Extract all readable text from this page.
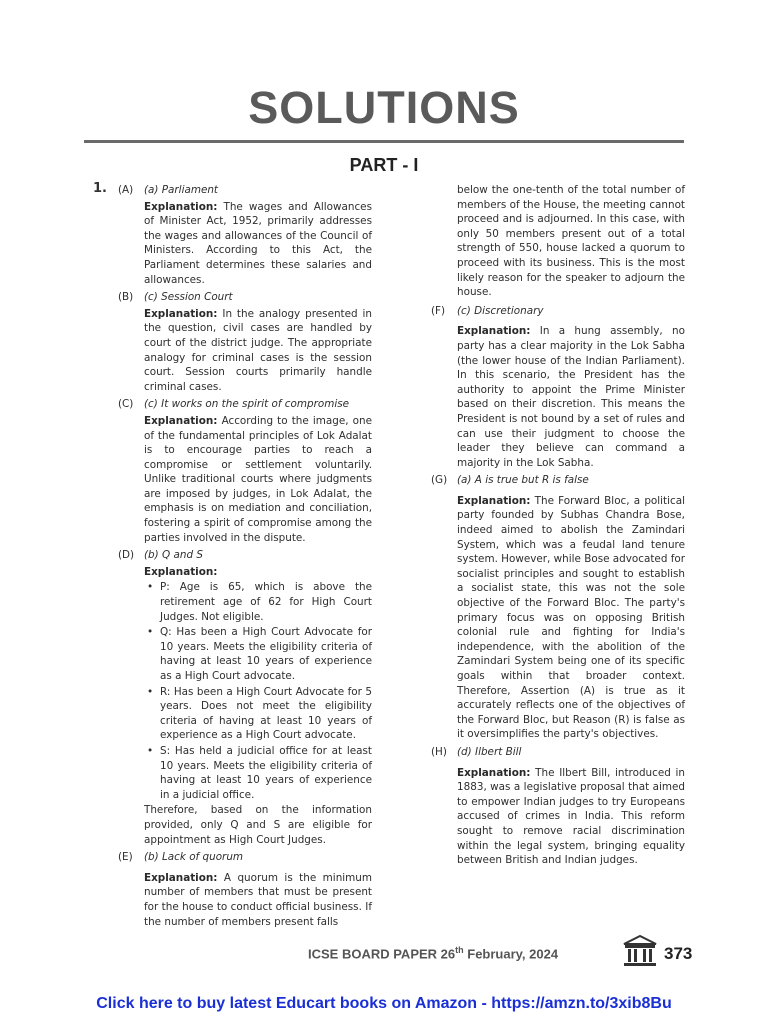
SOLUTIONS
PART - I
1. (A) (a) Parliament

Explanation: The wages and Allowances of Minister Act, 1952, primarily addresses the wages and allowances of the Council of Ministers. According to this Act, the Parliament determines these salaries and allowances.

(B) (c) Session Court

Explanation: In the analogy presented in the question, civil cases are handled by court of the district judge. The appropriate analogy for criminal cases is the session court. Session courts primarily handle criminal cases.

(C) (c) It works on the spirit of compromise

Explanation: According to the image, one of the fundamental principles of Lok Adalat is to encourage parties to reach a compromise or settlement voluntarily. Unlike traditional courts where judgments are imposed by judges, in Lok Adalat, the emphasis is on mediation and conciliation, fostering a spirit of compromise among the parties involved in the dispute.

(D) (b) Q and S
Explanation:
• P: Age is 65, which is above the retirement age of 62 for High Court Judges. Not eligible.
• Q: Has been a High Court Advocate for 10 years. Meets the eligibility criteria of having at least 10 years of experience as a High Court advocate.
• R: Has been a High Court Advocate for 5 years. Does not meet the eligibility criteria of having at least 10 years of experience as a High Court advocate.
• S: Has held a judicial office for at least 10 years. Meets the eligibility criteria of having at least 10 years of experience in a judicial office.

Therefore, based on the information provided, only Q and S are eligible for appointment as High Court Judges.

(E) (b) Lack of quorum

Explanation: A quorum is the minimum number of members that must be present for the house to conduct official business. If the number of members present falls

below the one-tenth of the total number of members of the House, the meeting cannot proceed and is adjourned. In this case, with only 50 members present out of a total strength of 550, house lacked a quorum to proceed with its business. This is the most likely reason for the speaker to adjourn the house.
(F) (c) Discretionary

Explanation: In a hung assembly, no party has a clear majority in the Lok Sabha (the lower house of the Indian Parliament). In this scenario, the President has the authority to appoint the Prime Minister based on their discretion. This means the President is not bound by a set of rules and can use their judgment to choose the leader they believe can command a majority in the Lok Sabha.

(G) (a) A is true but R is false

Explanation: The Forward Bloc, a political party founded by Subhas Chandra Bose, indeed aimed to abolish the Zamindari System, which was a feudal land tenure system. However, while Bose advocated for socialist principles and sought to establish a socialist state, this was not the sole objective of the Forward Bloc. The party's primary focus was on opposing British colonial rule and fighting for India's independence, with the abolition of the Zamindari System being one of its specific goals within that broader context. Therefore, Assertion (A) is true as it accurately reflects one of the objectives of the Forward Bloc, but Reason (R) is false as it oversimplifies the party's objectives.

(H) (d) Ilbert Bill

Explanation: The Ilbert Bill, introduced in 1883, was a legislative proposal that aimed to empower Indian judges to try Europeans accused of crimes in India. This reform sought to remove racial discrimination within the legal system, bringing equality between British and Indian judges.

ICSE BOARD PAPER 26th February, 2024	373
Click here to buy latest Educart books on Amazon - https://amzn.to/3xib8Bu
